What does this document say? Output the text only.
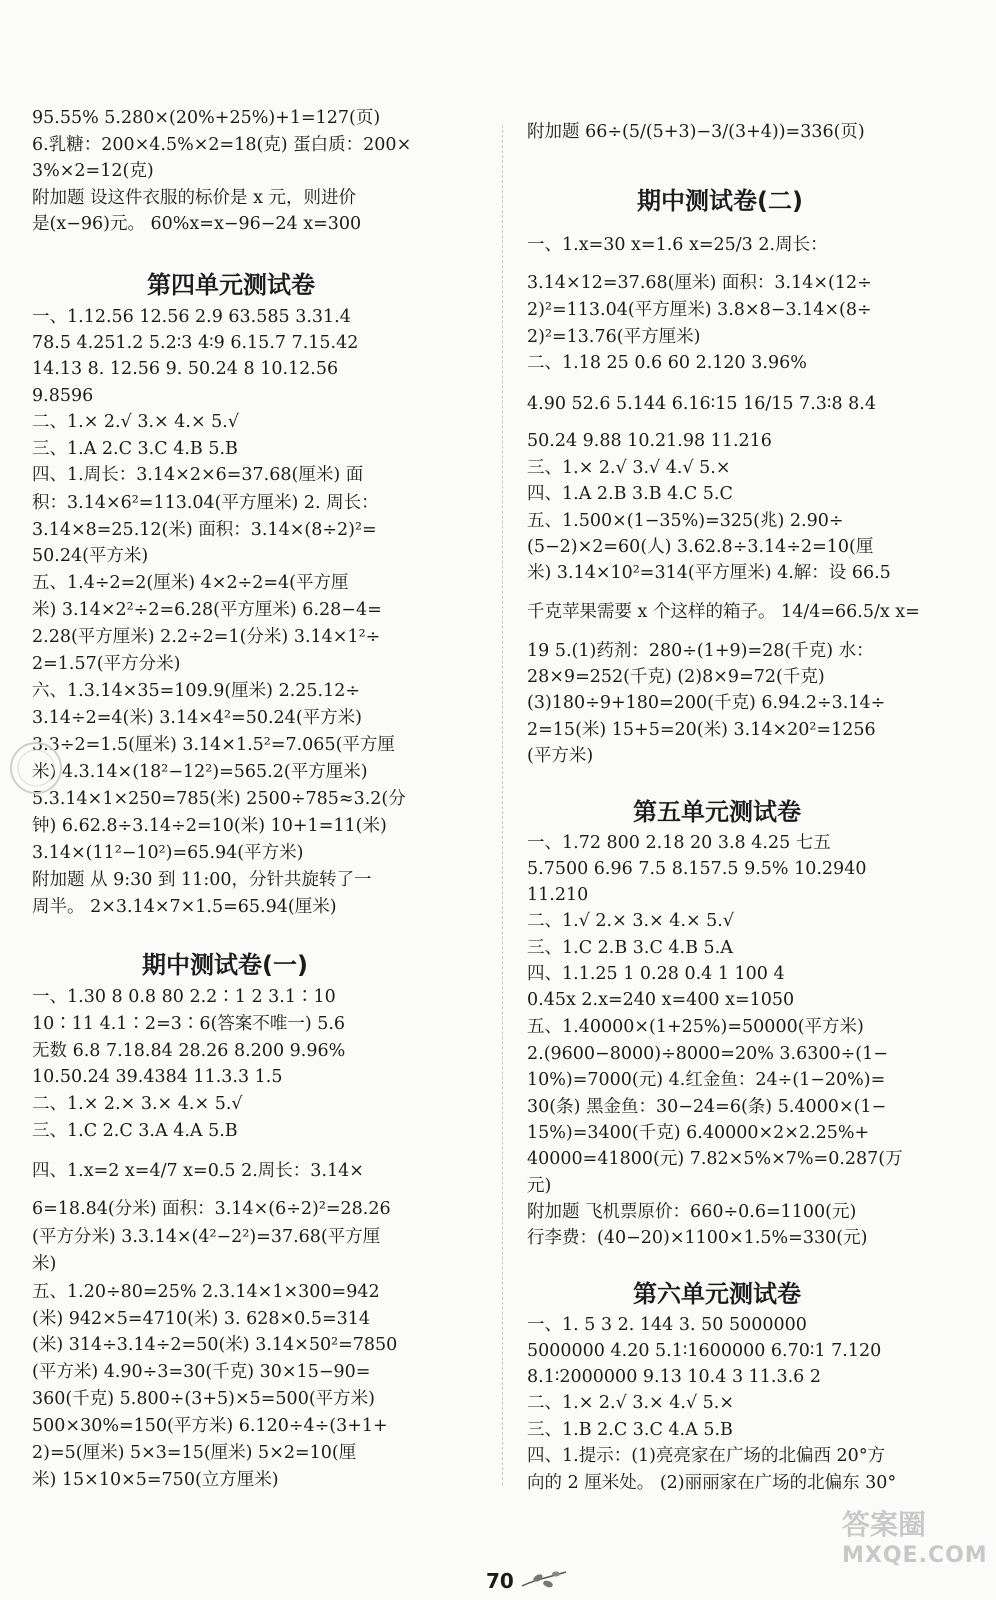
95.55% 5.280×(20%+25%)+1=127(页)
6.乳糖：200×4.5%×2=18(克) 蛋白质：200×
3%×2=12(克)
附加题 设这件衣服的标价是 x 元，则进价
是(x−96)元。 60%x=x−96−24 x=300
第四单元测试卷
一、1.12.56 12.56 2.9 63.585 3.31.4
78.5 4.251.2 5.2∶3 4∶9 6.15.7 7.15.42
14.13 8. 12.56 9. 50.24 8 10.12.56
9.8596
二、1.× 2.√ 3.× 4.× 5.√
三、1.A 2.C 3.C 4.B 5.B
四、1.周长：3.14×2×6=37.68(厘米) 面
积：3.14×6²=113.04(平方厘米) 2. 周长：
3.14×8=25.12(米) 面积：3.14×(8÷2)²=
50.24(平方米)
五、1.4÷2=2(厘米) 4×2÷2=4(平方厘
米) 3.14×2²÷2=6.28(平方厘米) 6.28−4=
2.28(平方厘米) 2.2÷2=1(分米) 3.14×1²÷
2=1.57(平方分米)
六、1.3.14×35=109.9(厘米) 2.25.12÷
3.14÷2=4(米) 3.14×4²=50.24(平方米)
3.3÷2=1.5(厘米) 3.14×1.5²=7.065(平方厘
米) 4.3.14×(18²−12²)=565.2(平方厘米)
5.3.14×1×250=785(米) 2500÷785≈3.2(分
钟) 6.62.8÷3.14÷2=10(米) 10+1=11(米)
3.14×(11²−10²)=65.94(平方米)
附加题 从 9:30 到 11:00，分针共旋转了一
周半。 2×3.14×7×1.5=65.94(厘米)
期中测试卷(一)
一、1.30 8 0.8 80 2.2∶1 2 3.1∶10
10∶11 4.1∶2=3∶6(答案不唯一) 5.6
无数 6.8 7.18.84 28.26 8.200 9.96%
10.50.24 39.4384 11.3.3 1.5
二、1.× 2.× 3.× 4.× 5.√
三、1.C 2.C 3.A 4.A 5.B
四、1.x=2 x=4/7 x=0.5 2.周长：3.14×
6=18.84(分米) 面积：3.14×(6÷2)²=28.26
(平方分米) 3.3.14×(4²−2²)=37.68(平方厘
米)
五、1.20÷80=25% 2.3.14×1×300=942
(米) 942×5=4710(米) 3. 628×0.5=314
(米) 314÷3.14÷2=50(米) 3.14×50²=7850
(平方米) 4.90÷3=30(千克) 30×15−90=
360(千克) 5.800÷(3+5)×5=500(平方米)
500×30%=150(平方米) 6.120÷4÷(3+1+
2)=5(厘米) 5×3=15(厘米) 5×2=10(厘
米) 15×10×5=750(立方厘米)
附加题 66÷(5/(5+3)−3/(3+4))=336(页)
期中测试卷(二)
一、1.x=30 x=1.6 x=25/3 2.周长：
3.14×12=37.68(厘米) 面积：3.14×(12÷
2)²=113.04(平方厘米) 3.8×8−3.14×(8÷
2)²=13.76(平方厘米)
二、1.18 25 0.6 60 2.120 3.96%
4.90 52.6 5.144 6.16∶15 16/15 7.3∶8 8.4
50.24 9.88 10.21.98 11.216
三、1.× 2.√ 3.√ 4.√ 5.×
四、1.A 2.B 3.B 4.C 5.C
五、1.500×(1−35%)=325(兆) 2.90÷
(5−2)×2=60(人) 3.62.8÷3.14÷2=10(厘
米) 3.14×10²=314(平方厘米) 4.解：设 66.5
千克苹果需要 x 个这样的箱子。 14/4=66.5/x x=
19 5.(1)药剂：280÷(1+9)=28(千克) 水：
28×9=252(千克) (2)8×9=72(千克)
(3)180÷9+180=200(千克) 6.94.2÷3.14÷
2=15(米) 15+5=20(米) 3.14×20²=1256
(平方米)
第五单元测试卷
一、1.72 800 2.18 20 3.8 4.25 七五
5.7500 6.96 7.5 8.157.5 9.5% 10.2940
11.210
二、1.√ 2.× 3.× 4.× 5.√
三、1.C 2.B 3.C 4.B 5.A
四、1.1.25 1 0.28 0.4 1 100 4
0.45x 2.x=240 x=400 x=1050
五、1.40000×(1+25%)=50000(平方米)
2.(9600−8000)÷8000=20% 3.6300÷(1−
10%)=7000(元) 4.红金鱼：24÷(1−20%)=
30(条) 黑金鱼：30−24=6(条) 5.4000×(1−
15%)=3400(千克) 6.40000×2×2.25%+
40000=41800(元) 7.82×5%×7%=0.287(万
元)
附加题 飞机票原价：660÷0.6=1100(元)
行李费：(40−20)×1100×1.5%=330(元)
第六单元测试卷
一、1. 5 3 2. 144 3. 50 5000000
5000000 4.20 5.1∶1600000 6.70∶1 7.120
8.1∶2000000 9.13 10.4 3 11.3.6 2
二、1.× 2.√ 3.× 4.√ 5.×
三、1.B 2.C 3.C 4.A 5.B
四、1.提示：(1)亮亮家在广场的北偏西 20°方
向的 2 厘米处。 (2)丽丽家在广场的北偏东 30°
70
答案圈
MXQE.COM
